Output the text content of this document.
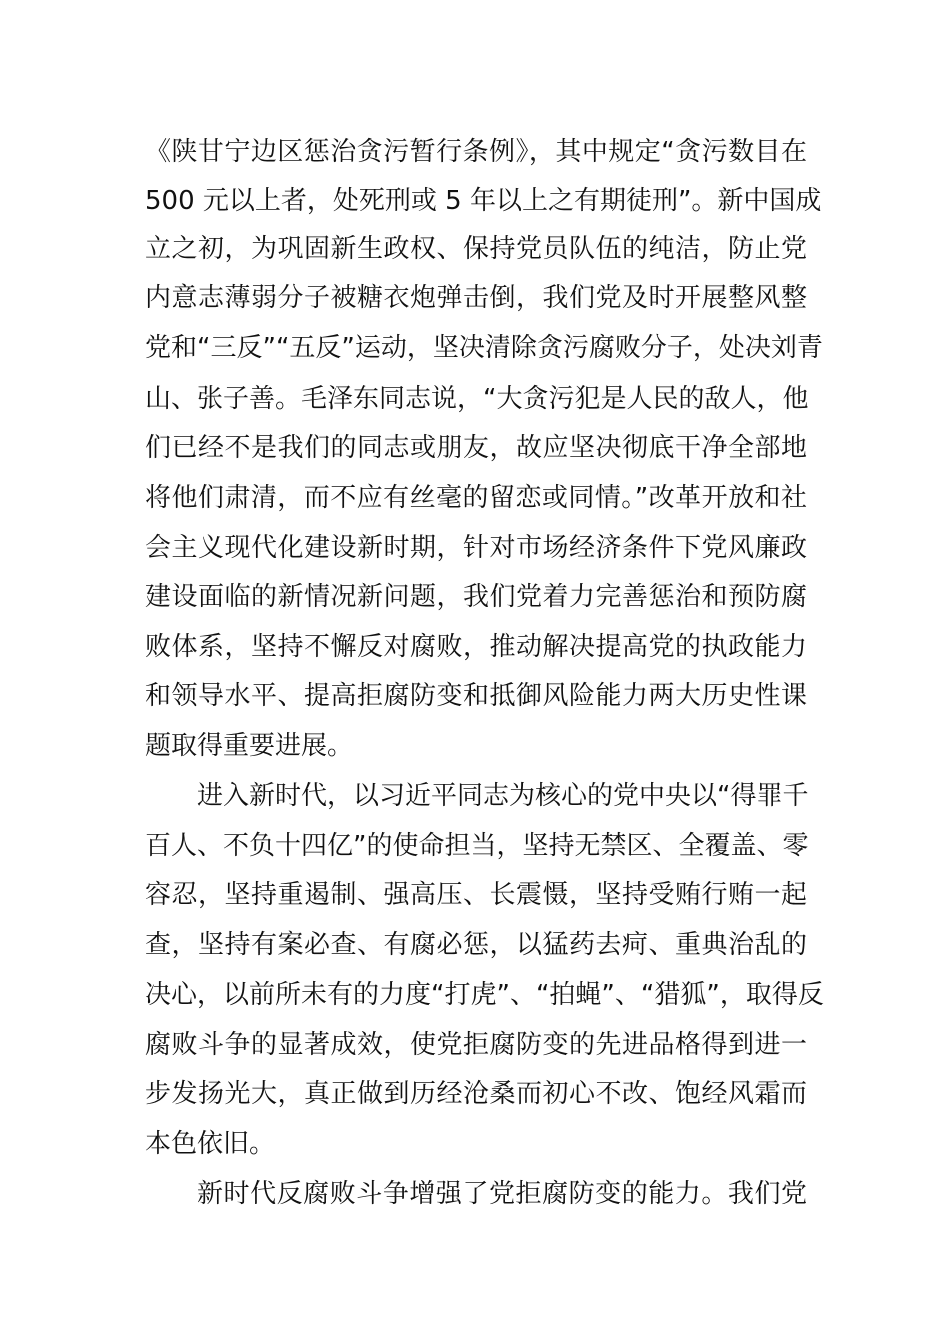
《陕甘宁边区惩治贪污暂行条例》，其中规定“贪污数目在
500 元以上者，处死刑或 5 年以上之有期徒刑”。新中国成
立之初，为巩固新生政权、保持党员队伍的纯洁，防止党
内意志薄弱分子被糖衣炮弹击倒，我们党及时开展整风整
党和“三反”“五反”运动，坚决清除贪污腐败分子，处决刘青
山、张子善。毛泽东同志说，“大贪污犯是人民的敌人，他
们已经不是我们的同志或朋友，故应坚决彻底干净全部地
将他们肃清，而不应有丝毫的留恋或同情。”改革开放和社
会主义现代化建设新时期，针对市场经济条件下党风廉政
建设面临的新情况新问题，我们党着力完善惩治和预防腐
败体系，坚持不懈反对腐败，推动解决提高党的执政能力
和领导水平、提高拒腐防变和抵御风险能力两大历史性课
题取得重要进展。
进入新时代，以习近平同志为核心的党中央以“得罪千
百人、不负十四亿”的使命担当，坚持无禁区、全覆盖、零
容忍，坚持重遏制、强高压、长震慑，坚持受贿行贿一起
查，坚持有案必查、有腐必惩，以猛药去疴、重典治乱的
决心，以前所未有的力度“打虎”、“拍蝇”、“猎狐”，取得反
腐败斗争的显著成效，使党拒腐防变的先进品格得到进一
步发扬光大，真正做到历经沧桑而初心不改、饱经风霜而
本色依旧。
新时代反腐败斗争增强了党拒腐防变的能力。我们党
